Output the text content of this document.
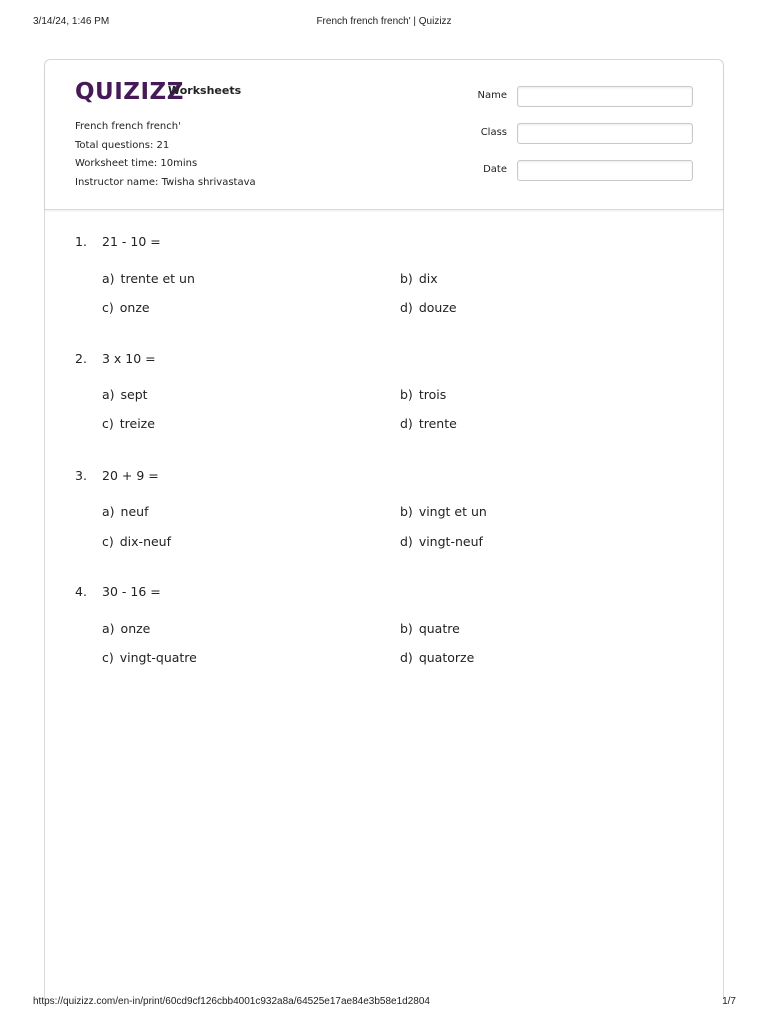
3/14/24, 1:46 PM	French french french' | Quizizz
QUIZIZZ
Worksheets
French french french'
Total questions: 21
Worksheet time: 10mins
Instructor name: Twisha shrivastava
Name
Class
Date
1. 21 - 10 =
a) trente et un	b) dix
c) onze	d) douze
2. 3 x 10 =
a) sept	b) trois
c) treize	d) trente
3. 20 + 9 =
a) neuf	b) vingt et un
c) dix-neuf	d) vingt-neuf
4. 30 - 16 =
a) onze	b) quatre
c) vingt-quatre	d) quatorze
https://quizizz.com/en-in/print/60cd9cf126cbb4001c932a8a/64525e17ae84e3b58e1d2804	1/7
